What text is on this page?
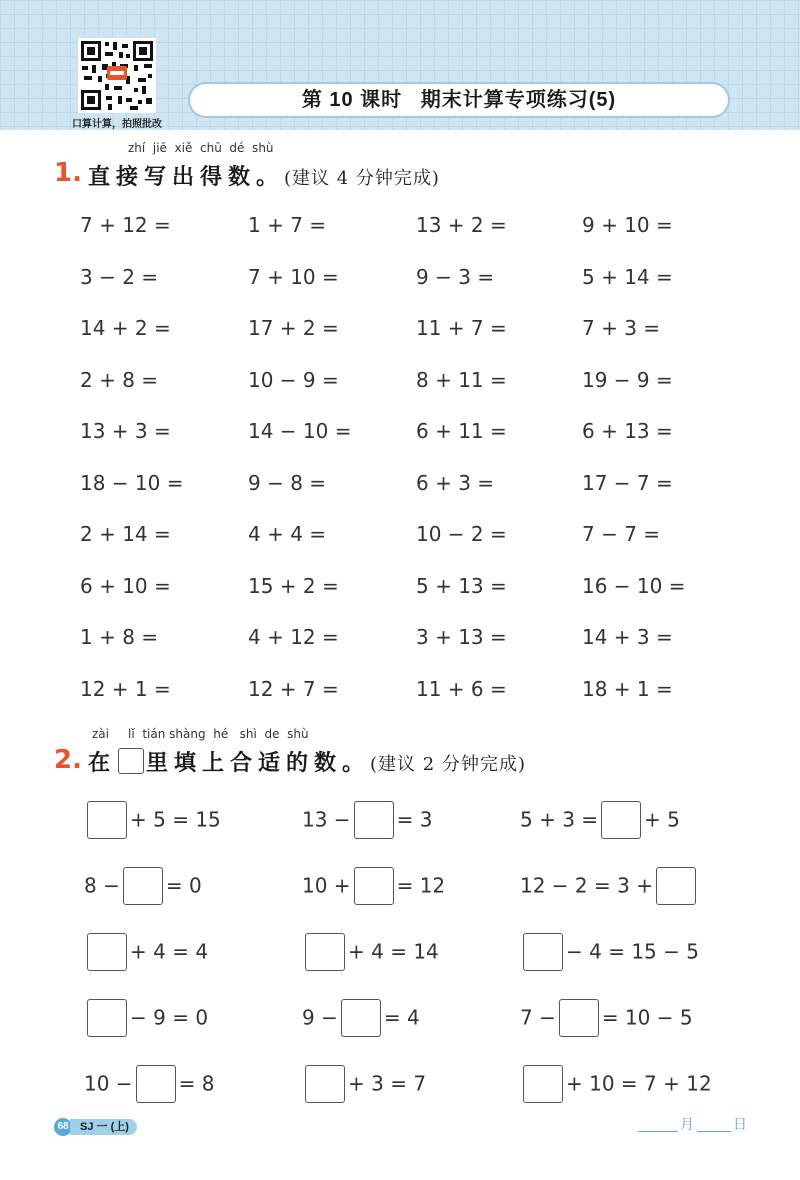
口算计算，拍照批改
第 10 课时 期末计算专项练习(5)
zhí  jiē  xiě  chū  dé  shù
1. 直接写出得数。(建议 4 分钟完成)
7 + 12 =	1 + 7 =	13 + 2 =	9 + 10 =
3 − 2 =	7 + 10 =	9 − 3 =	5 + 14 =
14 + 2 =	17 + 2 =	11 + 7 =	7 + 3 =
2 + 8 =	10 − 9 =	8 + 11 =	19 − 9 =
13 + 3 =	14 − 10 =	6 + 11 =	6 + 13 =
18 − 10 =	9 − 8 =	6 + 3 =	17 − 7 =
2 + 14 =	4 + 4 =	10 − 2 =	7 − 7 =
6 + 10 =	15 + 2 =	5 + 13 =	16 − 10 =
1 + 8 =	4 + 12 =	3 + 13 =	14 + 3 =
12 + 1 =	12 + 7 =	11 + 6 =	18 + 1 =
zài     lǐ  tián shàng  hé   shì  de  shù
2. 在 里填上合适的数。(建议 2 分钟完成)
+ 5 = 15	13 − = 3	5 + 3 = + 5
8 − = 0	10 + = 12	12 − 2 = 3 +
+ 4 = 4	+ 4 = 14	− 4 = 15 − 5
− 9 = 0	9 − = 4	7 − = 10 − 5
10 − = 8	+ 3 = 7	+ 10 = 7 + 12
68	SJ 一 (上)	月	日
